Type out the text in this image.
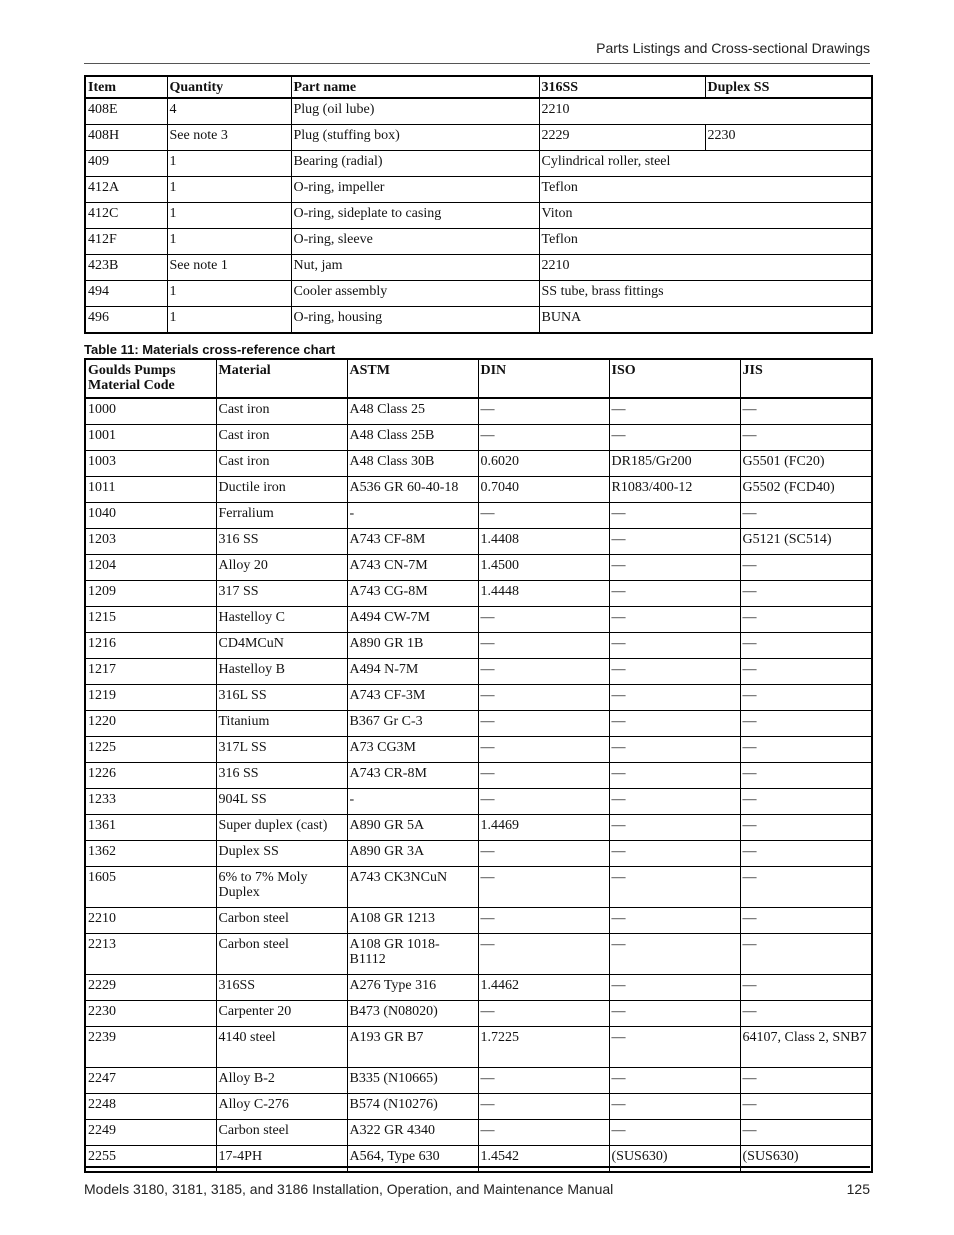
Parts Listings and Cross-sectional Drawings
Item	Quantity	Part name	316SS	Duplex SS
408E	4	Plug (oil lube)	2210	
408H	See note 3	Plug (stuffing box)	2229	2230
409	1	Bearing (radial)	Cylindrical roller, steel	
412A	1	O-ring, impeller	Teflon	
412C	1	O-ring, sideplate to casing	Viton	
412F	1	O-ring, sleeve	Teflon	
423B	See note 1	Nut, jam	2210	
494	1	Cooler assembly	SS tube, brass fittings	
496	1	O-ring, housing	BUNA	
Table 11: Materials cross-reference chart
Goulds Pumps Material Code	Material	ASTM	DIN	ISO	JIS
1000	Cast iron	A48 Class 25	—	—	—
1001	Cast iron	A48 Class 25B	—	—	—
1003	Cast iron	A48 Class 30B	0.6020	DR185/Gr200	G5501 (FC20)
1011	Ductile iron	A536 GR 60-40-18	0.7040	R1083/400-12	G5502 (FCD40)
1040	Ferralium	-	—	—	—
1203	316 SS	A743 CF-8M	1.4408	—	G5121 (SC514)
1204	Alloy 20	A743 CN-7M	1.4500	—	—
1209	317 SS	A743 CG-8M	1.4448	—	—
1215	Hastelloy C	A494 CW-7M	—	—	—
1216	CD4MCuN	A890 GR 1B	—	—	—
1217	Hastelloy B	A494 N-7M	—	—	—
1219	316L SS	A743 CF-3M	—	—	—
1220	Titanium	B367 Gr C-3	—	—	—
1225	317L SS	A73 CG3M	—	—	—
1226	316 SS	A743 CR-8M	—	—	—
1233	904L SS	-	—	—	—
1361	Super duplex (cast)	A890 GR 5A	1.4469	—	—
1362	Duplex SS	A890 GR 3A	—	—	—
1605	6% to 7% Moly Duplex	A743 CK3NCuN	—	—	—
2210	Carbon steel	A108 GR 1213	—	—	—
2213	Carbon steel	A108 GR 1018-B1112	—	—	—
2229	316SS	A276 Type 316	1.4462	—	—
2230	Carpenter 20	B473 (N08020)	—	—	—
2239	4140 steel	A193 GR B7	1.7225	—	64107, Class 2, SNB7
2247	Alloy B-2	B335 (N10665)	—	—	—
2248	Alloy C-276	B574 (N10276)	—	—	—
2249	Carbon steel	A322 GR 4340	—	—	—
2255	17-4PH	A564, Type 630	1.4542	(SUS630)	(SUS630)
Models 3180, 3181, 3185, and 3186 Installation, Operation, and Maintenance Manual	125
